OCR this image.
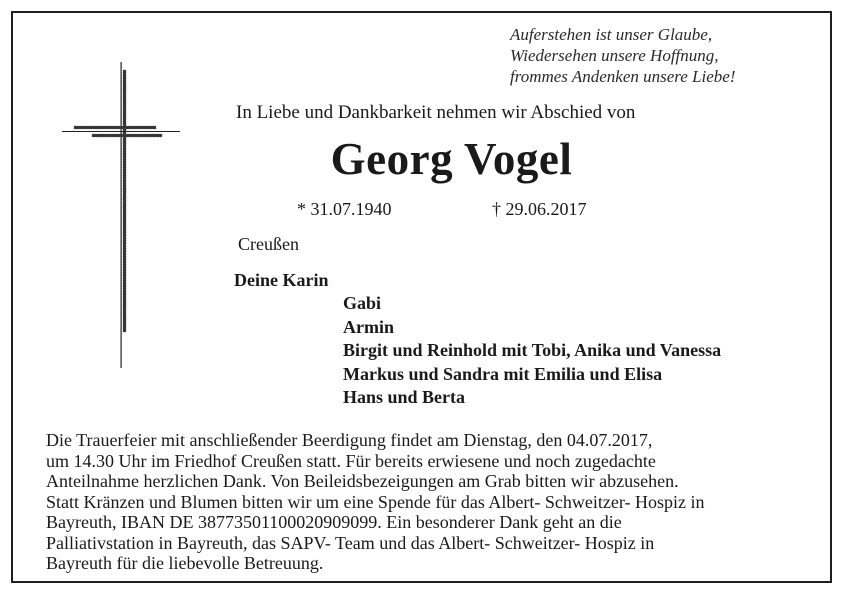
Auferstehen ist unser Glaube,
Wiedersehen unsere Hoffnung,
frommes Andenken unsere Liebe!
In Liebe und Dankbarkeit nehmen wir Abschied von
Georg Vogel
* 31.07.1940	† 29.06.2017
Creußen
Deine Karin
Gabi
Armin
Birgit und Reinhold mit Tobi, Anika und Vanessa
Markus und Sandra mit Emilia und Elisa
Hans und Berta
Die Trauerfeier mit anschließender Beerdigung findet am Dienstag, den 04.07.2017,
um 14.30 Uhr im Friedhof Creußen statt. Für bereits erwiesene und noch zugedachte
Anteilnahme herzlichen Dank. Von Beileidsbezeigungen am Grab bitten wir abzusehen.
Statt Kränzen und Blumen bitten wir um eine Spende für das Albert- Schweitzer- Hospiz in
Bayreuth, IBAN DE 38773501100020909099. Ein besonderer Dank geht an die
Palliativstation in Bayreuth, das SAPV- Team und das Albert- Schweitzer- Hospiz in
Bayreuth für die liebevolle Betreuung.
